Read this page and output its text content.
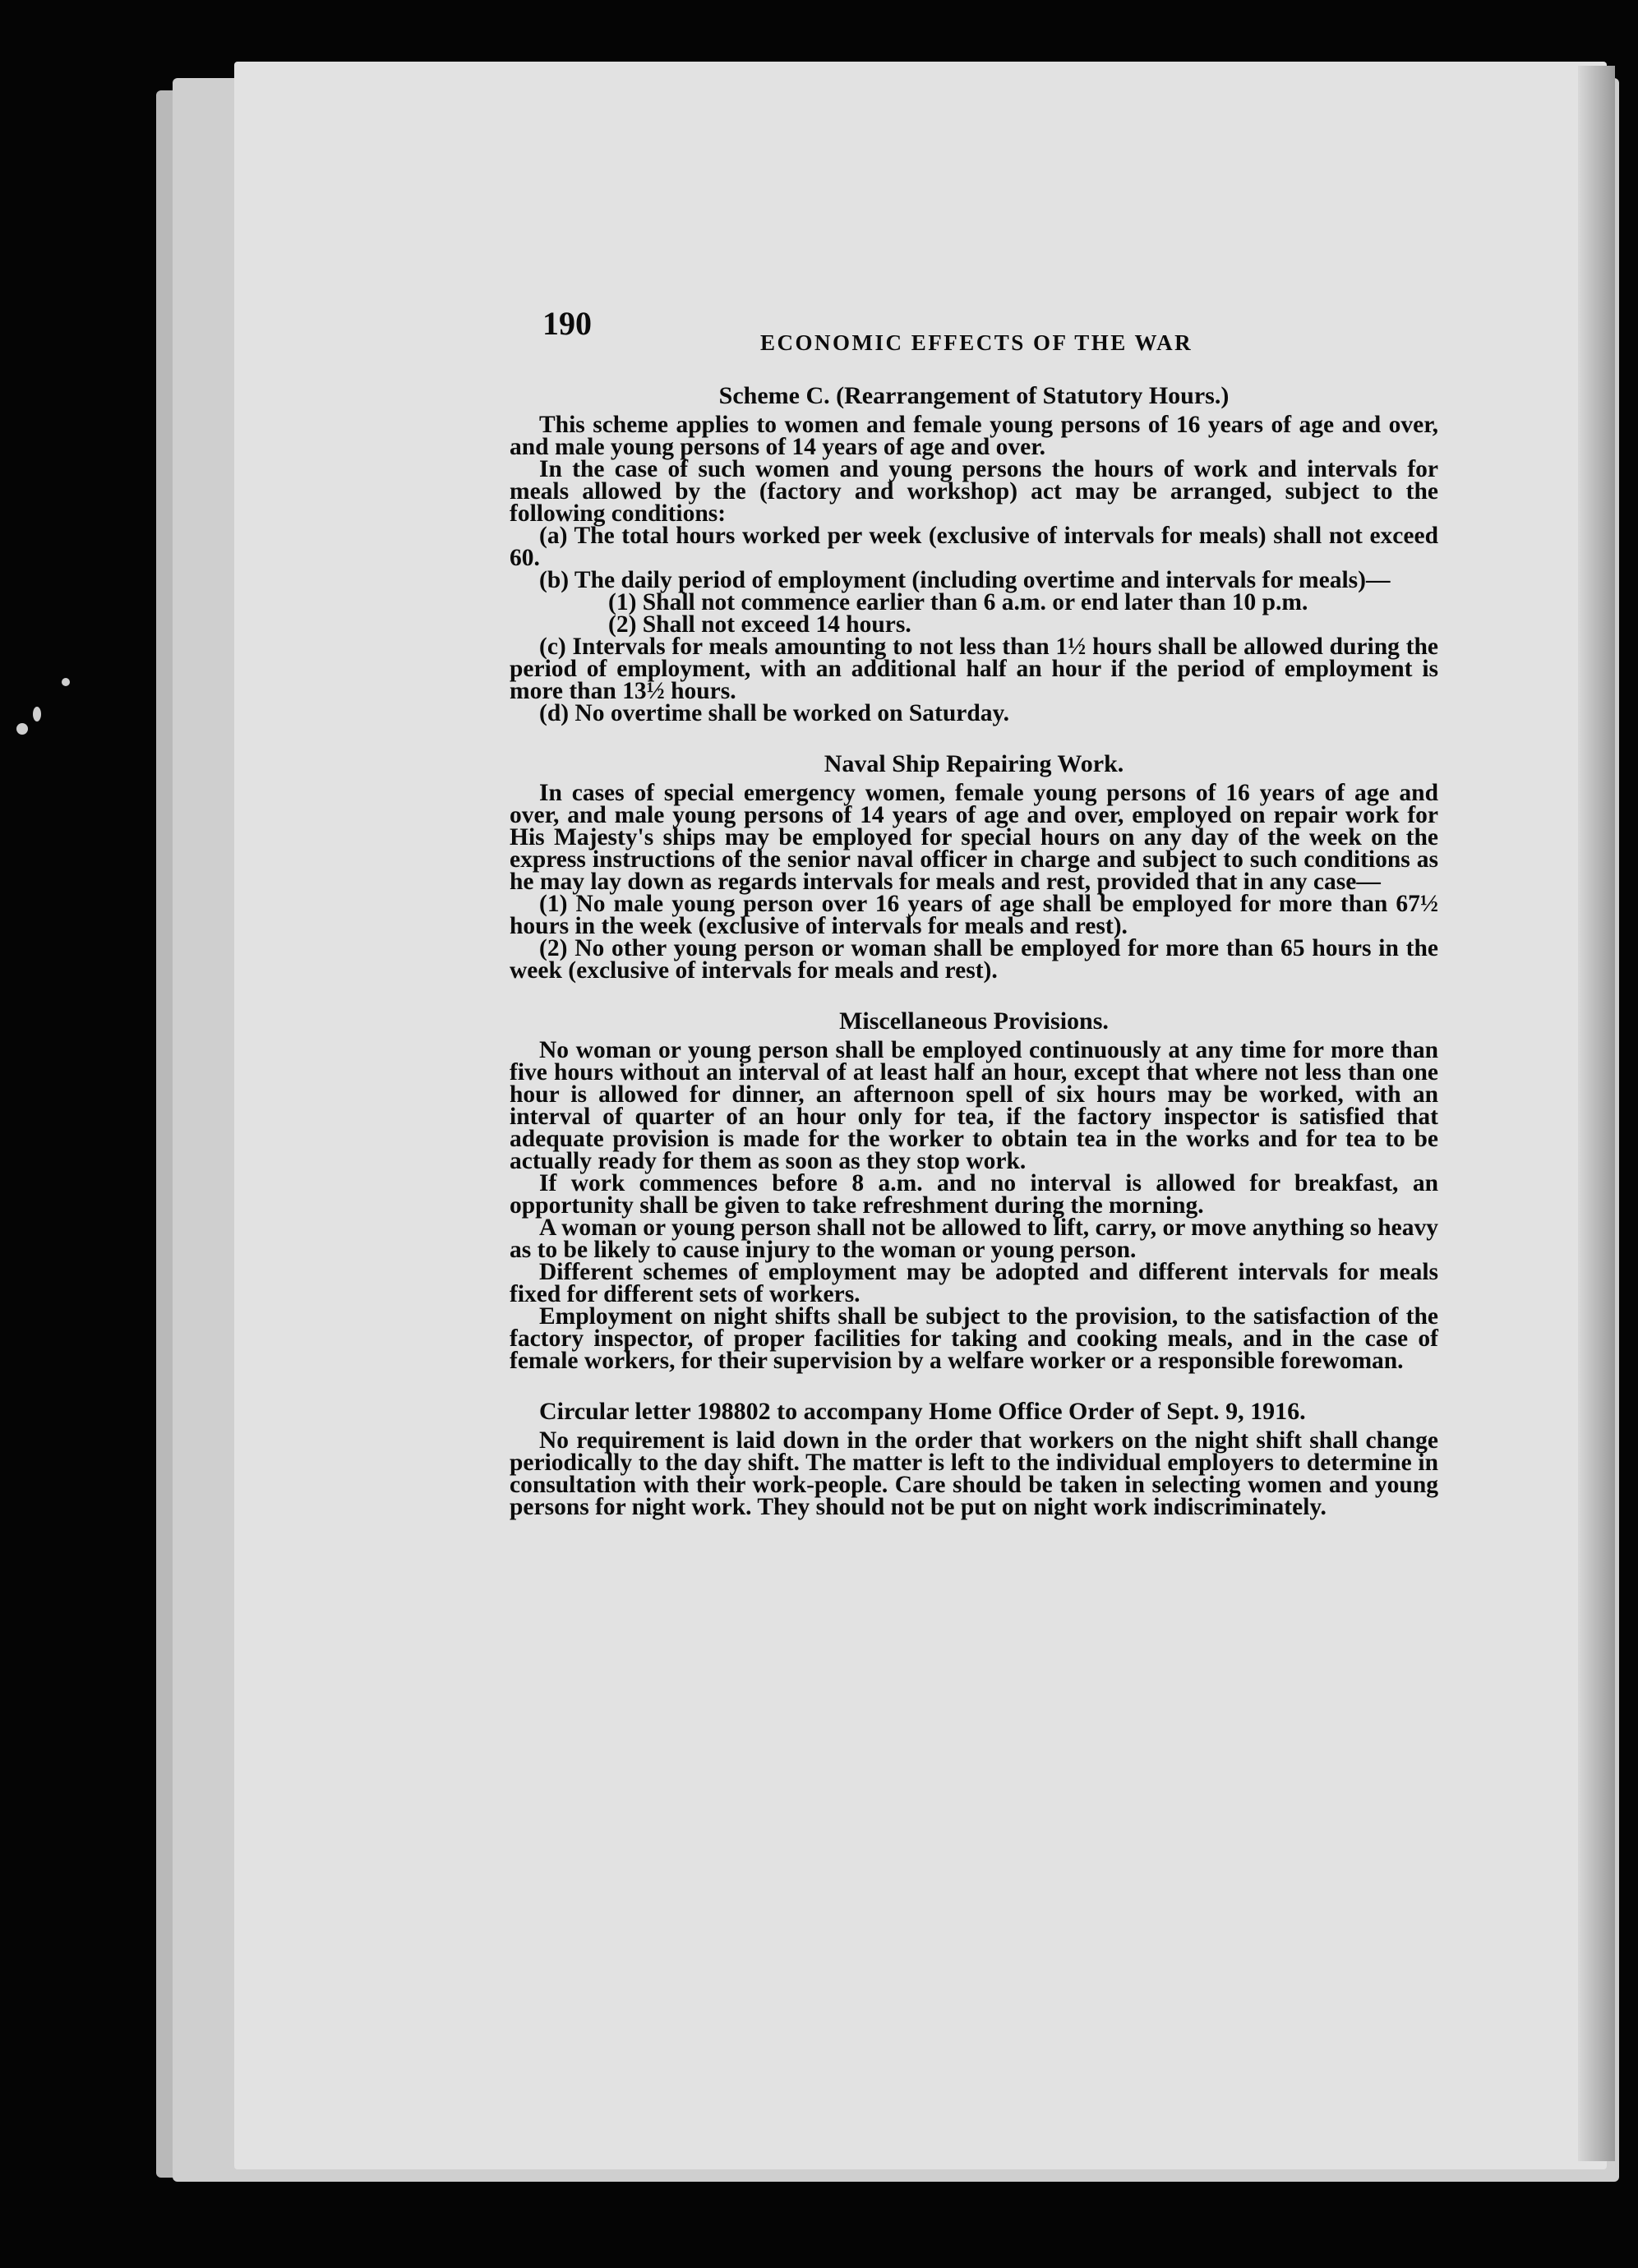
190
ECONOMIC EFFECTS OF THE WAR
Scheme C. (Rearrangement of Statutory Hours.)

This scheme applies to women and female young persons of 16 years of age and over, and male young persons of 14 years of age and over.

In the case of such women and young persons the hours of work and intervals for meals allowed by the (factory and workshop) act may be arranged, subject to the following conditions:

(a) The total hours worked per week (exclusive of intervals for meals) shall not exceed 60.

(b) The daily period of employment (including overtime and intervals for meals)—

(1) Shall not commence earlier than 6 a.m. or end later than 10 p.m.

(2) Shall not exceed 14 hours.

(c) Intervals for meals amounting to not less than 1½ hours shall be allowed during the period of employment, with an additional half an hour if the period of employment is more than 13½ hours.

(d) No overtime shall be worked on Saturday.

Naval Ship Repairing Work.

In cases of special emergency women, female young persons of 16 years of age and over, and male young persons of 14 years of age and over, employed on repair work for His Majesty's ships may be employed for special hours on any day of the week on the express instructions of the senior naval officer in charge and subject to such conditions as he may lay down as regards intervals for meals and rest, provided that in any case—

(1) No male young person over 16 years of age shall be employed for more than 67½ hours in the week (exclusive of intervals for meals and rest).

(2) No other young person or woman shall be employed for more than 65 hours in the week (exclusive of intervals for meals and rest).

Miscellaneous Provisions.

No woman or young person shall be employed continuously at any time for more than five hours without an interval of at least half an hour, except that where not less than one hour is allowed for dinner, an afternoon spell of six hours may be worked, with an interval of quarter of an hour only for tea, if the factory inspector is satisfied that adequate provision is made for the worker to obtain tea in the works and for tea to be actually ready for them as soon as they stop work.

If work commences before 8 a.m. and no interval is allowed for breakfast, an opportunity shall be given to take refreshment during the morning.

A woman or young person shall not be allowed to lift, carry, or move anything so heavy as to be likely to cause injury to the woman or young person.

Different schemes of employment may be adopted and different intervals for meals fixed for different sets of workers.

Employment on night shifts shall be subject to the provision, to the satisfaction of the factory inspector, of proper facilities for taking and cooking meals, and in the case of female workers, for their supervision by a welfare worker or a responsible forewoman.

Circular letter 198802 to accompany Home Office Order of Sept. 9, 1916.

No requirement is laid down in the order that workers on the night shift shall change periodically to the day shift. The matter is left to the individual employers to determine in consultation with their work-people. Care should be taken in selecting women and young persons for night work. They should not be put on night work indiscriminately.
